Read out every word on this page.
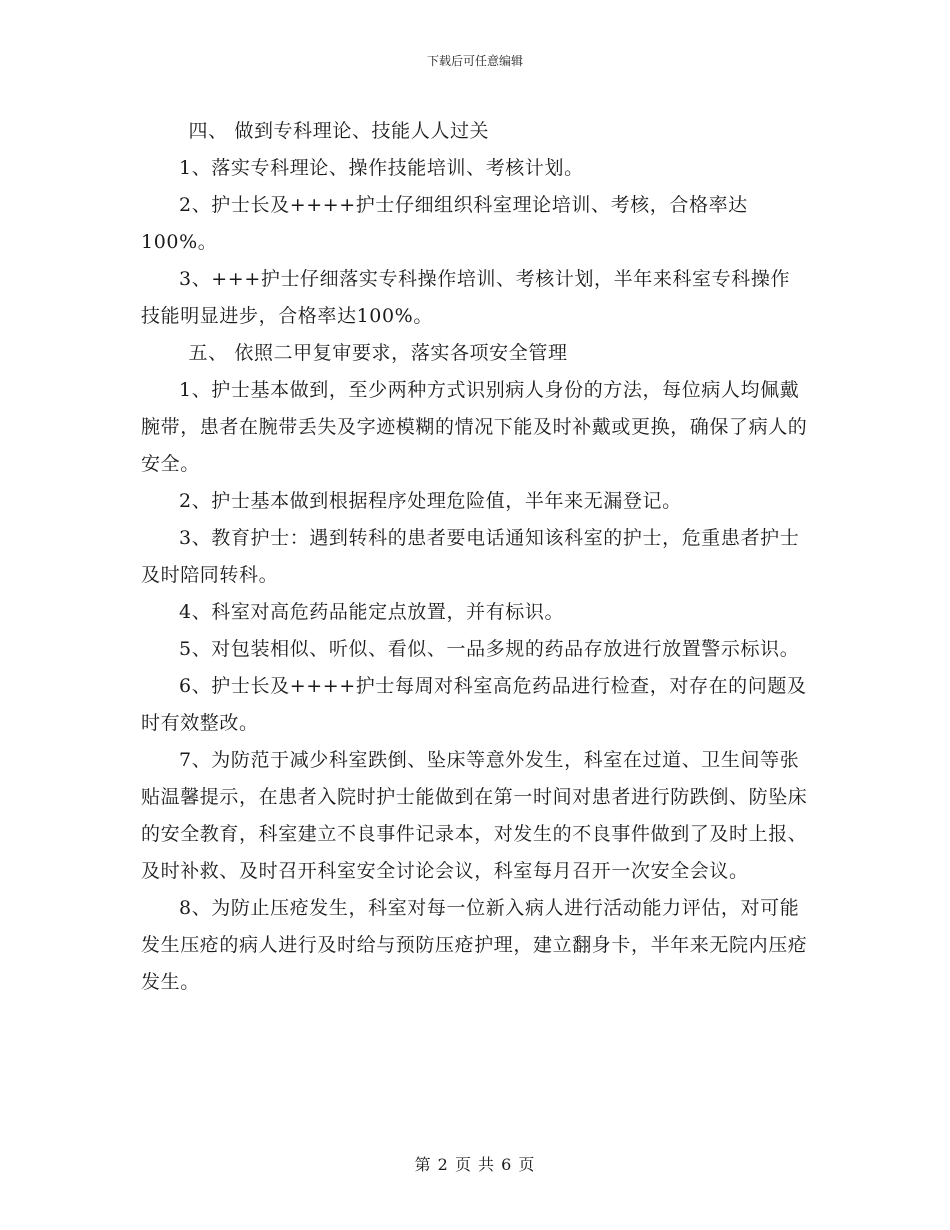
下载后可任意编辑

四、 做到专科理论、技能人人过关

1、落实专科理论、操作技能培训、考核计划。

2、护士长及++++护士仔细组织科室理论培训、考核，合格率达100%。

3、+++护士仔细落实专科操作培训、考核计划，半年来科室专科操作技能明显进步，合格率达100%。

五、 依照二甲复审要求，落实各项安全管理

1、护士基本做到，至少两种方式识别病人身份的方法，每位病人均佩戴腕带，患者在腕带丢失及字迹模糊的情况下能及时补戴或更换，确保了病人的安全。

2、护士基本做到根据程序处理危险值，半年来无漏登记。

3、教育护士：遇到转科的患者要电话通知该科室的护士，危重患者护士及时陪同转科。

4、科室对高危药品能定点放置，并有标识。

5、对包装相似、听似、看似、一品多规的药品存放进行放置警示标识。

6、护士长及++++护士每周对科室高危药品进行检查，对存在的问题及时有效整改。

7、为防范于减少科室跌倒、坠床等意外发生，科室在过道、卫生间等张贴温馨提示，在患者入院时护士能做到在第一时间对患者进行防跌倒、防坠床的安全教育，科室建立不良事件记录本，对发生的不良事件做到了及时上报、及时补救、及时召开科室安全讨论会议，科室每月召开一次安全会议。

8、为防止压疮发生，科室对每一位新入病人进行活动能力评估，对可能发生压疮的病人进行及时给与预防压疮护理，建立翻身卡，半年来无院内压疮发生。

第 2 页 共 6 页
